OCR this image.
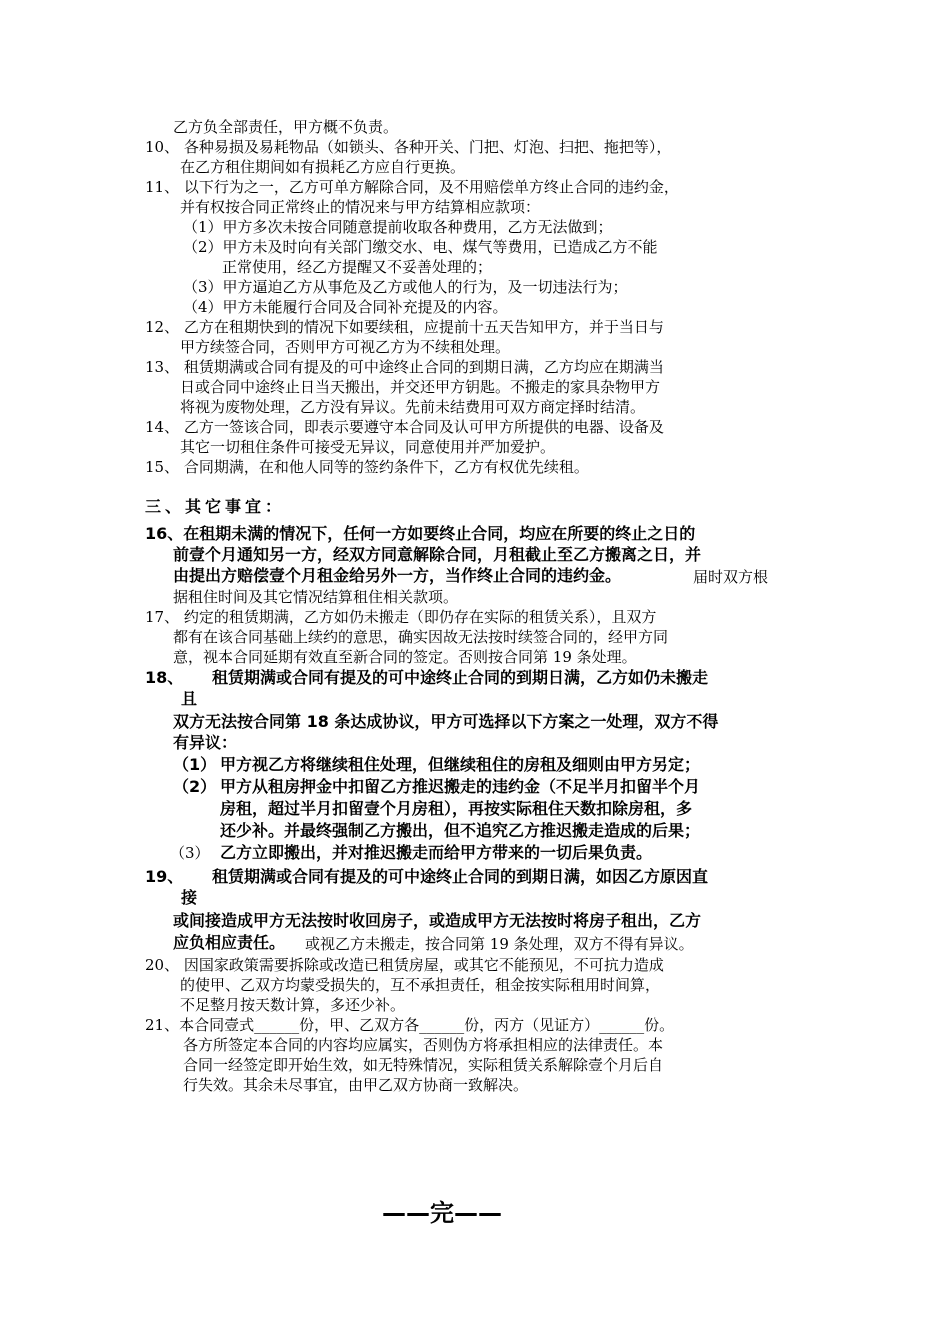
乙方负全部责任，甲方概不负责。
10、 各种易损及易耗物品（如锁头、各种开关、门把、灯泡、扫把、拖把等），
在乙方租住期间如有损耗乙方应自行更换。
11、 以下行为之一，乙方可单方解除合同，及不用赔偿单方终止合同的违约金，
并有权按合同正常终止的情况来与甲方结算相应款项：
（1）甲方多次未按合同随意提前收取各种费用，乙方无法做到；
（2）甲方未及时向有关部门缴交水、电、煤气等费用，已造成乙方不能
正常使用，经乙方提醒又不妥善处理的；
（3）甲方逼迫乙方从事危及乙方或他人的行为，及一切违法行为；
（4）甲方未能履行合同及合同补充提及的内容。
12、 乙方在租期快到的情况下如要续租，应提前十五天告知甲方，并于当日与
甲方续签合同，否则甲方可视乙方为不续租处理。
13、 租赁期满或合同有提及的可中途终止合同的到期日满，乙方均应在期满当
日或合同中途终止日当天搬出，并交还甲方钥匙。不搬走的家具杂物甲方
将视为废物处理，乙方没有异议。先前未结费用可双方商定择时结清。
14、 乙方一签该合同，即表示要遵守本合同及认可甲方所提供的电器、设备及
其它一切租住条件可接受无异议，同意使用并严加爱护。
15、 合同期满，在和他人同等的签约条件下，乙方有权优先续租。
三、其它事宜：
16、在租期未满的情况下，任何一方如要终止合同，均应在所要的终止之日的
前壹个月通知另一方，经双方同意解除合同，月租截止至乙方搬离之日，并
由提出方赔偿壹个月租金给另外一方，当作终止合同的违约金。	届时双方根
据租住时间及其它情况结算租住相关款项。
17、 约定的租赁期满，乙方如仍未搬走（即仍存在实际的租赁关系），且双方
都有在该合同基础上续约的意思，确实因故无法按时续签合同的，经甲方同
意，视本合同延期有效直至新合同的签定。否则按合同第 19 条处理。
18、 租赁期满或合同有提及的可中途终止合同的到期日满，乙方如仍未搬走
且
双方无法按合同第 18 条达成协议，甲方可选择以下方案之一处理，双方不得
有异议：
（1） 甲方视乙方将继续租住处理，但继续租住的房租及细则由甲方另定；
（2） 甲方从租房押金中扣留乙方推迟搬走的违约金（不足半月扣留半个月
房租，超过半月扣留壹个月房租），再按实际租住天数扣除房租，多
还少补。并最终强制乙方搬出，但不追究乙方推迟搬走造成的后果；
（3） 乙方立即搬出，并对推迟搬走而给甲方带来的一切后果负责。
19、 租赁期满或合同有提及的可中途终止合同的到期日满，如因乙方原因直
接
或间接造成甲方无法按时收回房子，或造成甲方无法按时将房子租出，乙方
应负相应责任。 或视乙方未搬走，按合同第 19 条处理，双方不得有异议。
20、 因国家政策需要拆除或改造已租赁房屋，或其它不能预见，不可抗力造成
的使甲、乙双方均蒙受损失的，互不承担责任，租金按实际租用时间算，
不足整月按天数计算，多还少补。
21、本合同壹式______份，甲、乙双方各______份，丙方（见证方）______份。
各方所签定本合同的内容均应属实，否则伪方将承担相应的法律责任。本
合同一经签定即开始生效，如无特殊情况，实际租赁关系解除壹个月后自
行失效。其余未尽事宜，由甲乙双方协商一致解决。
——完——
